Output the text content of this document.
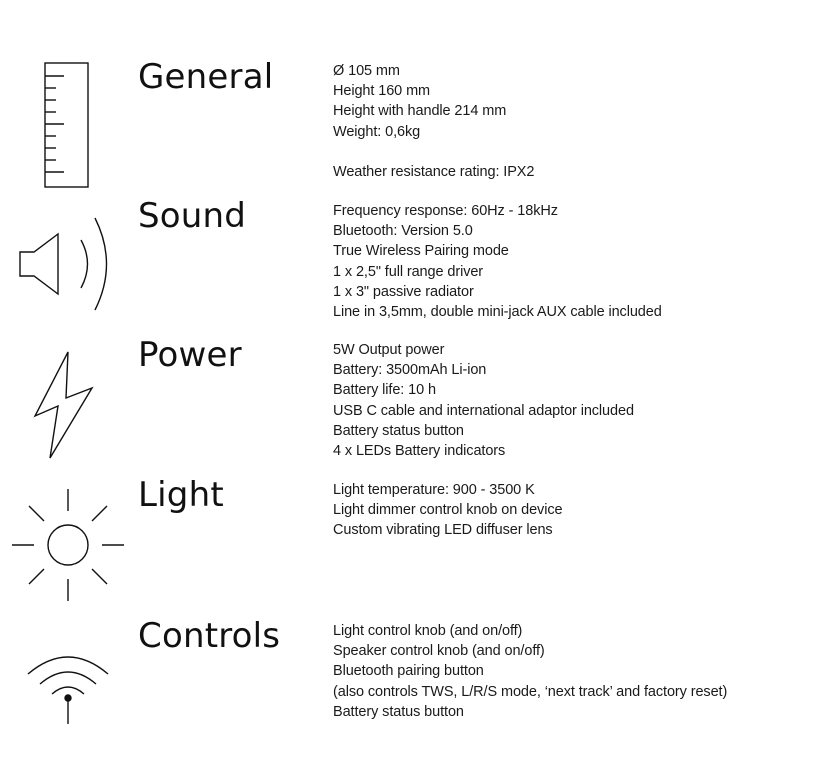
General	Ø 105 mm
Height 160 mm
Height with handle 214 mm
Weight: 0,6kg
Weather resistance rating: IPX2
Sound	Frequency response: 60Hz - 18kHz
Bluetooth: Version 5.0
True Wireless Pairing mode
1 x 2,5" full range driver
1 x 3" passive radiator
Line in 3,5mm, double mini-jack AUX cable included
Power	5W Output power
Battery: 3500mAh Li-ion
Battery life: 10 h
USB C cable and international adaptor included
Battery status button
4 x LEDs Battery indicators
Light	Light temperature: 900 - 3500 K
Light dimmer control knob on device
Custom vibrating LED diffuser lens
Controls	Light control knob (and on/off)
Speaker control knob (and on/off)
Bluetooth pairing button
(also controls TWS, L/R/S mode, ‘next track’ and factory reset)
Battery status button
